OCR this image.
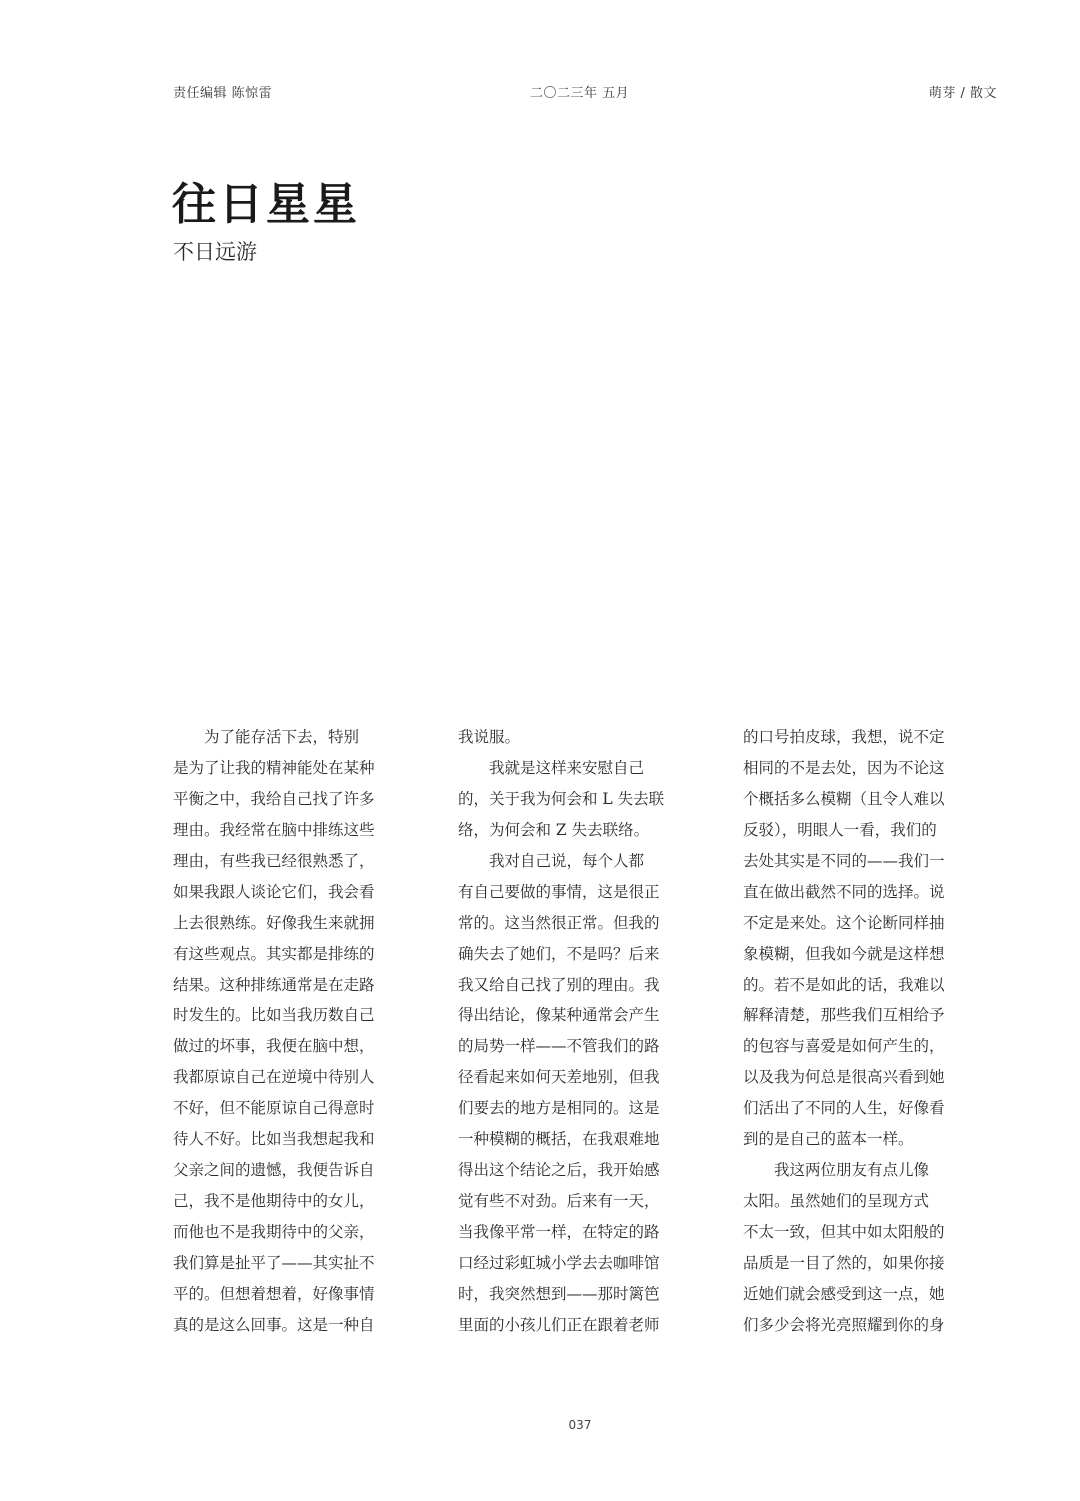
责任编辑 陈惊雷	二〇二三年 五月	萌芽 / 散文
往日星星
不日远游
　　为了能存活下去，特别
是为了让我的精神能处在某种
平衡之中，我给自己找了许多
理由。我经常在脑中排练这些
理由，有些我已经很熟悉了，
如果我跟人谈论它们，我会看
上去很熟练。好像我生来就拥
有这些观点。其实都是排练的
结果。这种排练通常是在走路
时发生的。比如当我历数自己
做过的坏事，我便在脑中想，
我都原谅自己在逆境中待别人
不好，但不能原谅自己得意时
待人不好。比如当我想起我和
父亲之间的遗憾，我便告诉自
己，我不是他期待中的女儿，
而他也不是我期待中的父亲，
我们算是扯平了——其实扯不
平的。但想着想着，好像事情
真的是这么回事。这是一种自
我说服。
　　我就是这样来安慰自己
的，关于我为何会和 L 失去联
络，为何会和 Z 失去联络。
　　我对自己说，每个人都
有自己要做的事情，这是很正
常的。这当然很正常。但我的
确失去了她们，不是吗？后来
我又给自己找了别的理由。我
得出结论，像某种通常会产生
的局势一样——不管我们的路
径看起来如何天差地别，但我
们要去的地方是相同的。这是
一种模糊的概括，在我艰难地
得出这个结论之后，我开始感
觉有些不对劲。后来有一天，
当我像平常一样，在特定的路
口经过彩虹城小学去去咖啡馆
时，我突然想到——那时篱笆
里面的小孩儿们正在跟着老师
的口号拍皮球，我想，说不定
相同的不是去处，因为不论这
个概括多么模糊（且令人难以
反驳），明眼人一看，我们的
去处其实是不同的——我们一
直在做出截然不同的选择。说
不定是来处。这个论断同样抽
象模糊，但我如今就是这样想
的。若不是如此的话，我难以
解释清楚，那些我们互相给予
的包容与喜爱是如何产生的，
以及我为何总是很高兴看到她
们活出了不同的人生，好像看
到的是自己的蓝本一样。
　　我这两位朋友有点儿像
太阳。虽然她们的呈现方式
不太一致，但其中如太阳般的
品质是一目了然的，如果你接
近她们就会感受到这一点，她
们多少会将光亮照耀到你的身
037
